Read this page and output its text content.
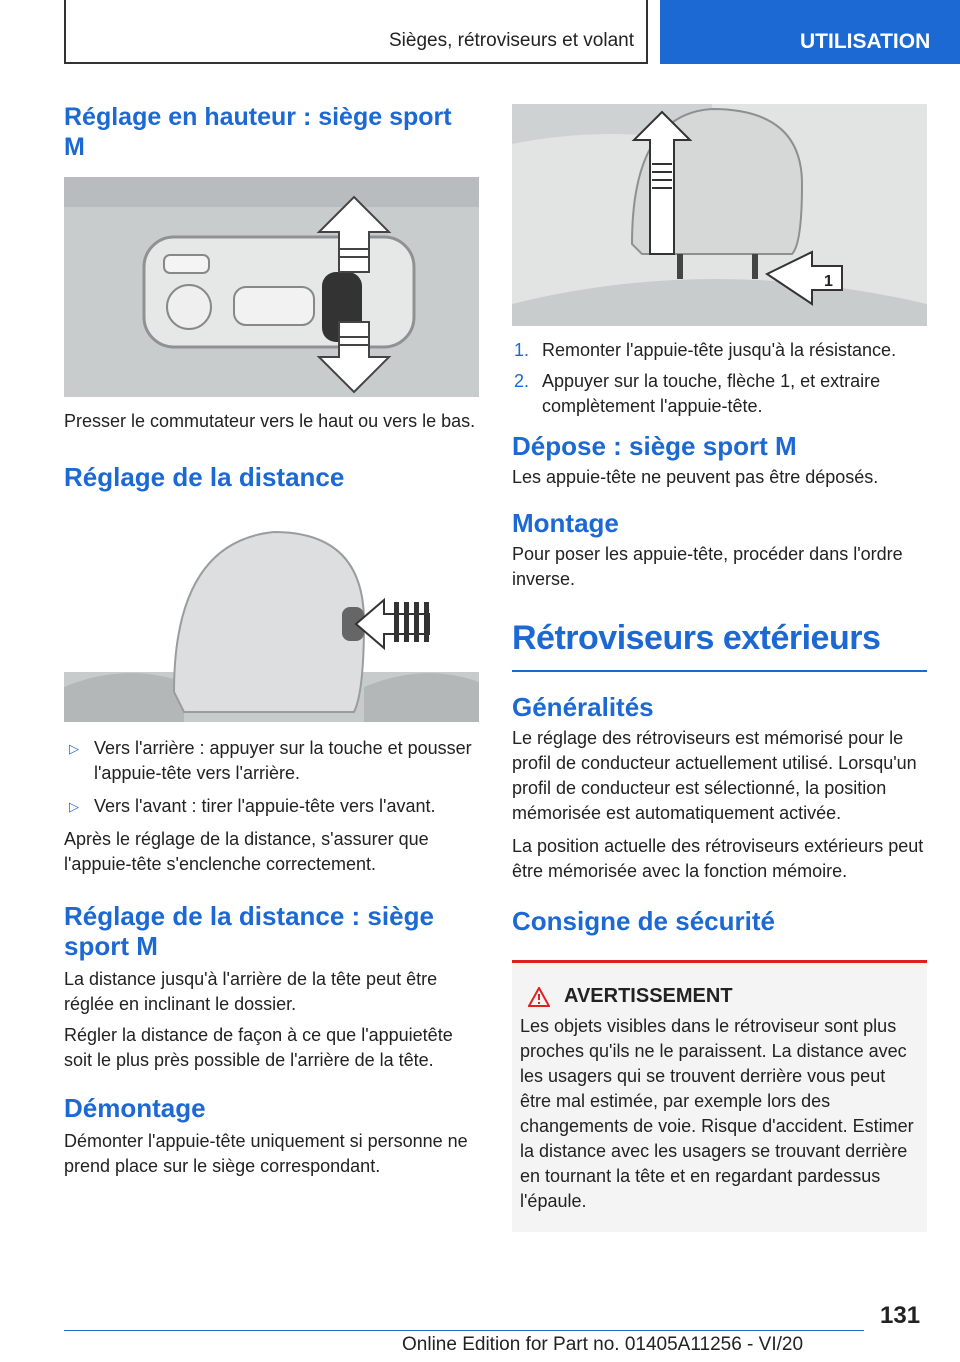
Sièges, rétroviseurs et volant	UTILISATION
Réglage en hauteur : siège sport M

Presser le commutateur vers le haut ou vers le bas.

Réglage de la distance
▷ Vers l'arrière : appuyer sur la touche et pousser l'appuie-tête vers l'arrière.
▷ Vers l'avant : tirer l'appuie-tête vers l'avant.

Après le réglage de la distance, s'assurer que l'appuie-tête s'enclenche correctement.

Réglage de la distance : siège sport M

La distance jusqu'à l'arrière de la tête peut être réglée en inclinant le dossier.

Régler la distance de façon à ce que l'appuietête soit le plus près possible de l'arrière de la tête.

Démontage

Démonter l'appuie-tête uniquement si personne ne prend place sur le siège correspondant.

1
1. Remonter l'appuie-tête jusqu'à la résistance.
2. Appuyer sur la touche, flèche 1, et extraire complètement l'appuie-tête.
Dépose : siège sport M

Les appuie-tête ne peuvent pas être déposés.

Montage

Pour poser les appuie-tête, procéder dans l'ordre inverse.

Rétroviseurs extérieurs
Généralités

Le réglage des rétroviseurs est mémorisé pour le profil de conducteur actuellement utilisé. Lorsqu'un profil de conducteur est sélectionné, la position mémorisée est automatiquement activée.

La position actuelle des rétroviseurs extérieurs peut être mémorisée avec la fonction mémoire.

Consigne de sécurité
AVERTISSEMENT

Les objets visibles dans le rétroviseur sont plus proches qu'ils ne le paraissent. La distance avec les usagers qui se trouvent derrière vous peut être mal estimée, par exemple lors des changements de voie. Risque d'accident. Estimer la distance avec les usagers se trouvant derrière en tournant la tête et en regardant pardessus l'épaule.

131
Online Edition for Part no. 01405A11256 - VI/20
